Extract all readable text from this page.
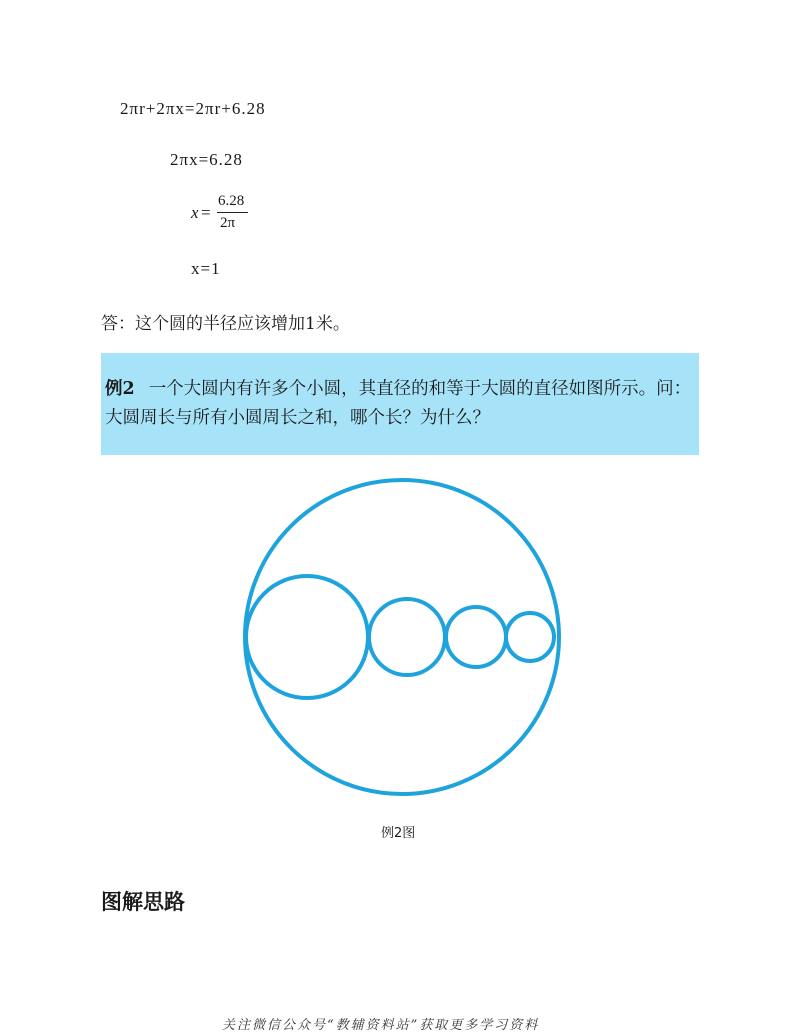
2πr+2πx=2πr+6.28
2πx=6.28
x =
6.28
2π
x=1
答：这个圆的半径应该增加1米。
例2 一个大圆内有许多个小圆，其直径的和等于大圆的直径如图所示。问：大圆周长与所有小圆周长之和，哪个长？为什么？
例2图
图解思路
关注微信公众号“教辅资料站”获取更多学习资料
